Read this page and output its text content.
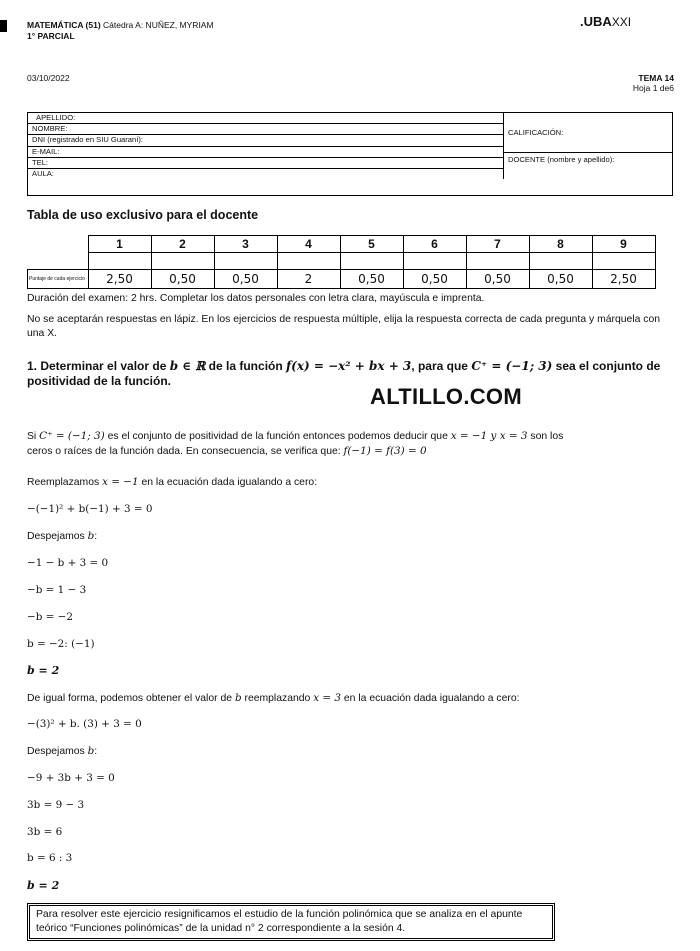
MATEMÁTICA (51) Cátedra A: NUÑEZ, MYRIAM
1° PARCIAL
.UBAXXI
03/10/2022	TEMA 14
Hoja 1 de6
APELLIDO:
NOMBRE:
DNI (registrado en SIU Guaraní):
E-MAIL:
TEL:
AULA:
CALIFICACIÓN:
DOCENTE (nombre y apellido):
Tabla de uso exclusivo para el docente
	1	2	3	4	5	6	7	8	9

Puntaje de cada ejercicio	2,50	0,50	0,50	2	0,50	0,50	0,50	0,50	2,50
Duración del examen: 2 hrs. Completar los datos personales con letra clara, mayúscula e imprenta.
No se aceptarán respuestas en lápiz. En los ejercicios de respuesta múltiple, elija la respuesta correcta de cada pregunta y márquela con una X.
1. Determinar el valor de b ∈ ℝ de la función f(x) = −x² + bx + 3, para que C⁺ = (−1; 3) sea el conjunto de positividad de la función.
ALTILLO.COM
Si C⁺ = (−1; 3) es el conjunto de positividad de la función entonces podemos deducir que x = −1 y x = 3 son los
ceros o raíces de la función dada. En consecuencia, se verifica que: f(−1) = f(3) = 0
Reemplazamos x = −1 en la ecuación dada igualando a cero:
−(−1)² + b(−1) + 3 = 0
Despejamos b:
−1 − b + 3 = 0
−b = 1 − 3
−b = −2
b = −2: (−1)
b = 2
De igual forma, podemos obtener el valor de b reemplazando x = 3 en la ecuación dada igualando a cero:
−(3)² + b. (3) + 3 = 0
Despejamos b:
−9 + 3b + 3 = 0
3b = 9 − 3
3b = 6
b = 6 : 3
b = 2
Para resolver este ejercicio resignificamos el estudio de la función polinómica que se analiza en el apunte teórico “Funciones polinómicas” de la unidad n° 2 correspondiente a la sesión 4.
